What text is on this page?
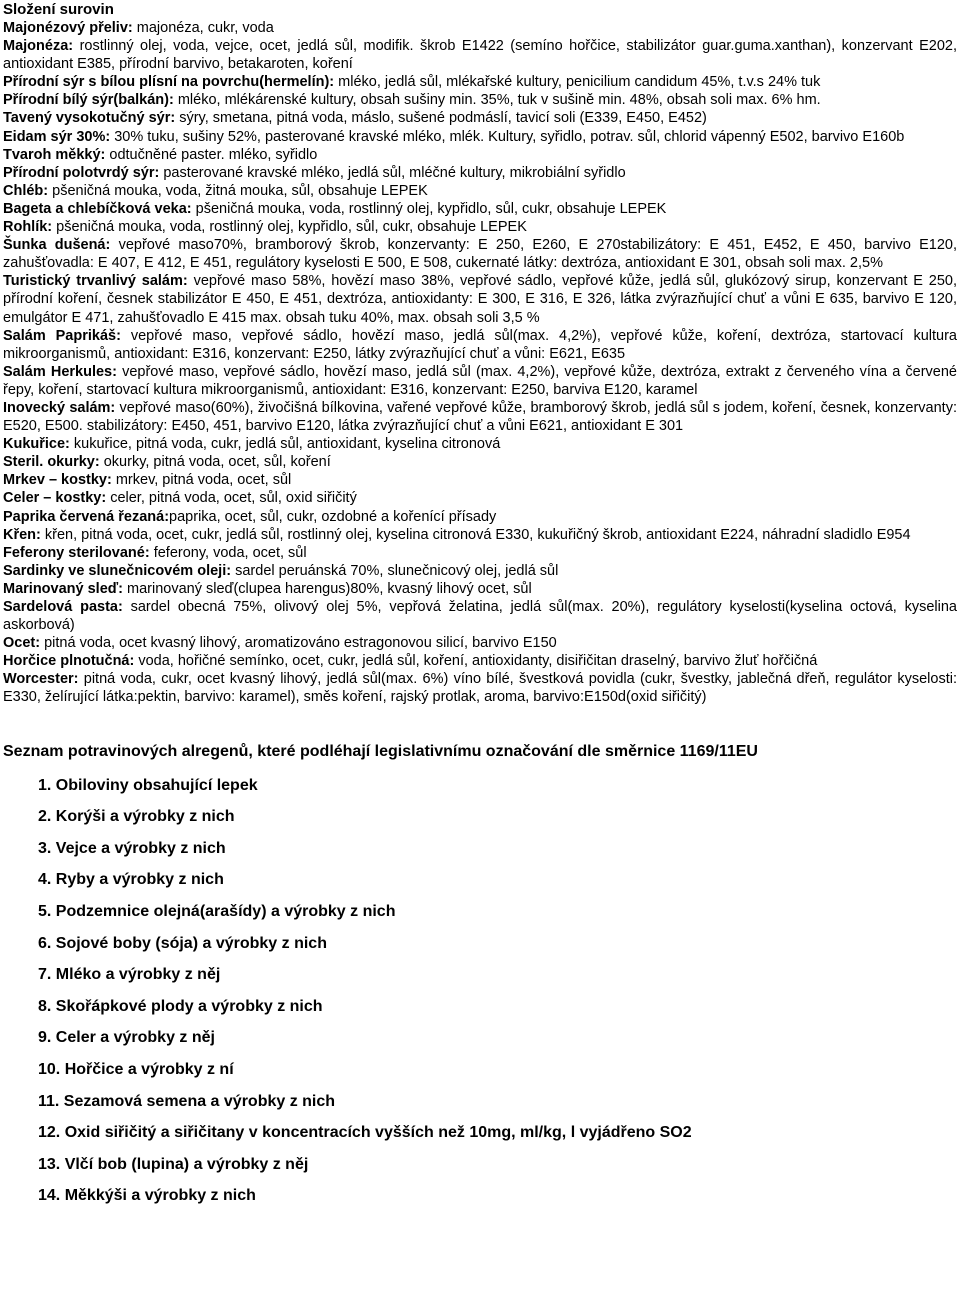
Složení surovin

Majonézový přeliv: majonéza, cukr, voda

Majonéza: rostlinný olej, voda, vejce, ocet, jedlá sůl, modifik. škrob E1422 (semíno hořčice, stabilizátor guar.guma.xanthan), konzervant E202, antioxidant E385, přírodní barvivo, betakaroten, koření

Přírodní sýr s bílou plísní na povrchu(hermelín): mléko, jedlá sůl, mlékařské kultury, penicilium candidum 45%, t.v.s 24% tuk

Přírodní bílý sýr(balkán): mléko, mlékárenské kultury, obsah sušiny min. 35%, tuk v sušině min. 48%, obsah soli max. 6% hm.

Tavený vysokotučný sýr: sýry, smetana, pitná voda, máslo, sušené podmáslí, tavicí soli (E339, E450, E452)

Eidam sýr 30%: 30% tuku, sušiny 52%, pasterované kravské mléko, mlék. Kultury, syřidlo, potrav. sůl, chlorid vápenný E502, barvivo E160b

Tvaroh měkký: odtučněné paster. mléko, syřidlo

Přírodní polotvrdý sýr: pasterované kravské mléko, jedlá sůl, mléčné kultury, mikrobiální syřidlo

Chléb: pšeničná mouka, voda, žitná mouka, sůl, obsahuje LEPEK

Bageta a chlebíčková veka: pšeničná mouka, voda, rostlinný olej, kypřidlo, sůl, cukr, obsahuje LEPEK

Rohlík: pšeničná mouka, voda, rostlinný olej, kypřidlo, sůl, cukr, obsahuje LEPEK

Šunka dušená: vepřové maso70%, bramborový škrob, konzervanty: E 250, E260, E 270stabilizátory: E 451, E452, E 450, barvivo E120, zahušťovadla: E 407, E 412, E 451, regulátory kyselosti E 500, E 508, cukernaté látky: dextróza, antioxidant E 301, obsah soli max. 2,5%

Turistický trvanlivý salám: vepřové maso 58%, hovězí maso 38%, vepřové sádlo, vepřové kůže, jedlá sůl, glukózový sirup, konzervant E 250, přírodní koření, česnek stabilizátor E 450, E 451, dextróza, antioxidanty: E 300, E 316, E 326, látka zvýrazňující chuť a vůni E 635, barvivo E 120, emulgátor E 471, zahušťovadlo E 415 max. obsah tuku 40%, max. obsah soli 3,5 %

Salám Paprikáš: vepřové maso, vepřové sádlo, hovězí maso, jedlá sůl(max. 4,2%), vepřové kůže, koření, dextróza, startovací kultura mikroorganismů, antioxidant: E316, konzervant: E250, látky zvýrazňující chuť a vůni: E621, E635

Salám Herkules: vepřové maso, vepřové sádlo, hovězí maso, jedlá sůl (max. 4,2%), vepřové kůže, dextróza, extrakt z červeného vína a červené řepy, koření, startovací kultura mikroorganismů, antioxidant: E316, konzervant: E250, barviva E120, karamel

Inovecký salám: vepřové maso(60%), živočišná bílkovina, vařené vepřové kůže, bramborový škrob, jedlá sůl s jodem, koření, česnek, konzervanty: E520, E500. stabilizátory: E450, 451, barvivo E120, látka zvýrazňující chuť a vůni E621, antioxidant E 301

Kukuřice: kukuřice, pitná voda, cukr, jedlá sůl, antioxidant, kyselina citronová

Steril. okurky: okurky, pitná voda, ocet, sůl, koření

Mrkev – kostky: mrkev, pitná voda, ocet, sůl

Celer – kostky: celer, pitná voda, ocet, sůl, oxid siřičitý

Paprika červená řezaná:paprika, ocet, sůl, cukr, ozdobné a kořenící přísady

Křen: křen, pitná voda, ocet, cukr, jedlá sůl, rostlinný olej, kyselina citronová E330, kukuřičný škrob, antioxidant E224, náhradní sladidlo E954

Feferony sterilované: feferony, voda, ocet, sůl

Sardinky ve slunečnicovém oleji: sardel peruánská 70%, slunečnicový olej, jedlá sůl

Marinovaný sleď: marinovaný sleď(clupea harengus)80%, kvasný lihový ocet, sůl

Sardelová pasta: sardel obecná 75%, olivový olej 5%, vepřová želatina, jedlá sůl(max. 20%), regulátory kyselosti(kyselina octová, kyselina askorbová)

Ocet: pitná voda, ocet kvasný lihový, aromatizováno estragonovou silicí, barvivo E150

Horčice plnotučná: voda, hořičné semínko, ocet, cukr, jedlá sůl, koření, antioxidanty, disiřičitan draselný, barvivo žluť hořčičná

Worcester: pitná voda, cukr, ocet kvasný lihový, jedlá sůl(max. 6%) víno bílé, švestková povidla (cukr, švestky, jablečná dřeň, regulátor kyselosti: E330, želírující látka:pektin, barvivo: karamel), směs koření, rajský protlak, aroma, barvivo:E150d(oxid siřičitý)

Seznam potravinových alregenů, které podléhají legislativnímu označování dle směrnice 1169/11EU

1. Obiloviny obsahující lepek
2. Korýši a výrobky z nich
3. Vejce a výrobky z nich
4. Ryby a výrobky z nich
5. Podzemnice olejná(arašídy) a výrobky z nich
6. Sojové boby (sója) a výrobky z nich
7. Mléko a výrobky z něj
8. Skořápkové plody a výrobky z nich
9. Celer a výrobky z něj
10. Hořčice a výrobky z ní
11. Sezamová semena a výrobky z nich
12. Oxid siřičitý a siřičitany v koncentracích vyšších než 10mg, ml/kg, l vyjádřeno SO2
13. Vlčí bob (lupina) a výrobky z něj
14. Měkkýši a výrobky z nich
